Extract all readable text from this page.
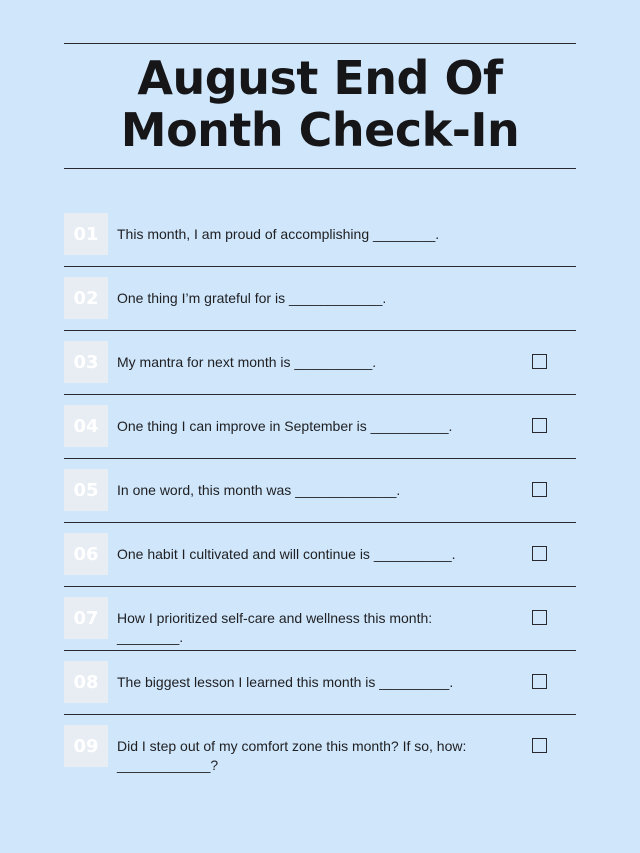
August End Of
Month Check-In
01	This month, I am proud of accomplishing ________.
02	One thing I’m grateful for is ____________.
03	My mantra for next month is __________.
04	One thing I can improve in September is __________.
05	In one word, this month was _____________.
06	One habit I cultivated and will continue is __________.
07	How I prioritized self-care and wellness this month: ________.
08	The biggest lesson I learned this month is _________.
09	Did I step out of my comfort zone this month? If so, how: ____________?
